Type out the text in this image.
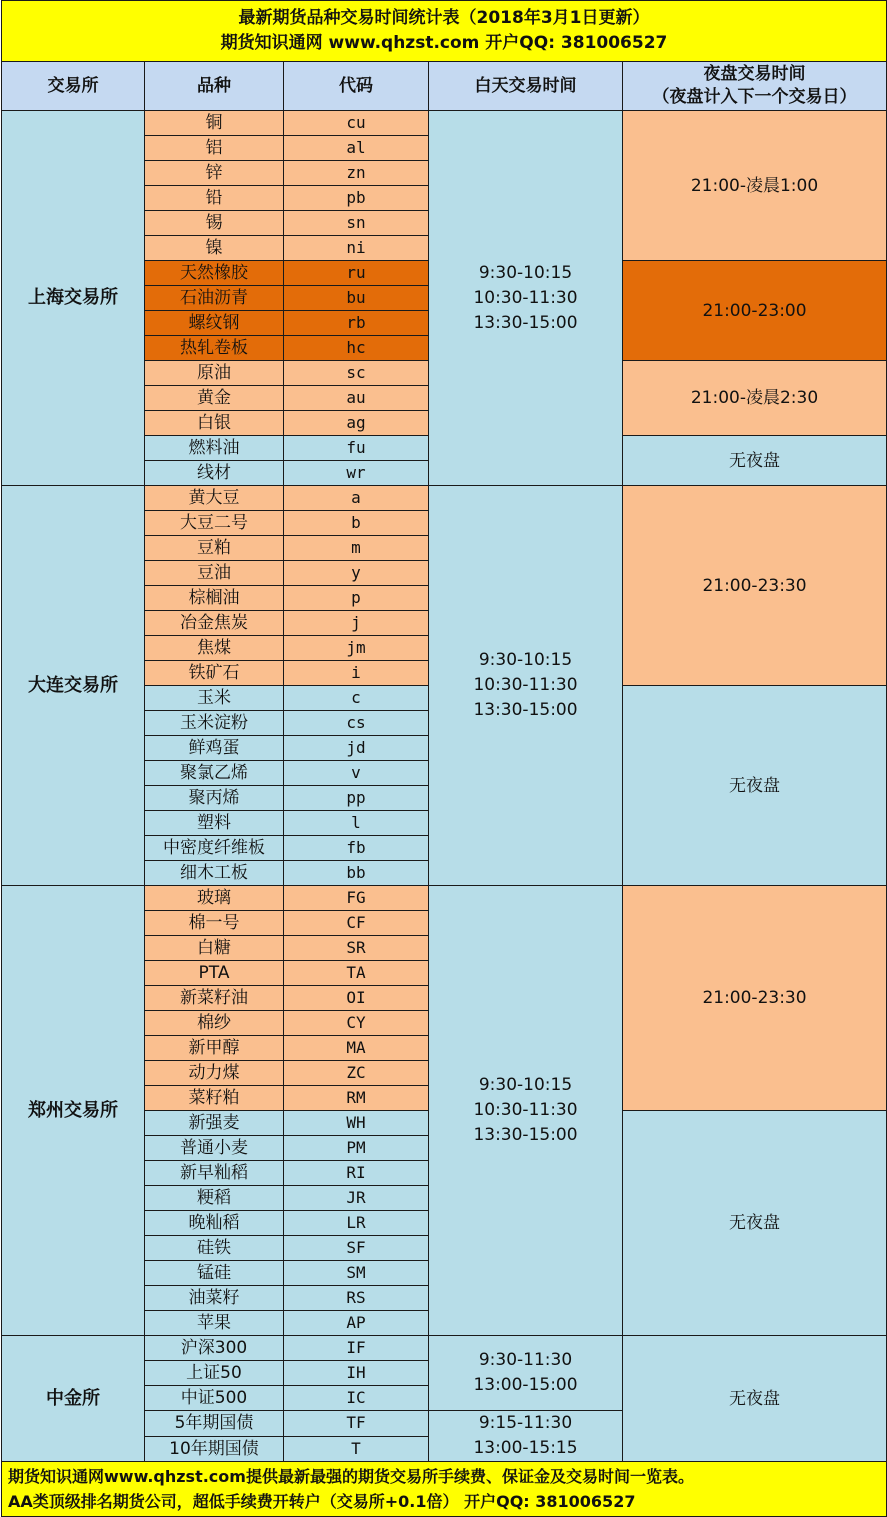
最新期货品种交易时间统计表（2018年3月1日更新）
期货知识通网 www.qhzst.com 开户QQ: 381006527				

交易所	品种	代码	白天交易时间	夜盘交易时间
（夜盘计入下一个交易日）

上海交易所	铜	cu	9:30-10:15
10:30-11:30
13:30-15:00	21:00-凌晨1:00
	铝	al		
	锌	zn		
	铅	pb		
	锡	sn		
	镍	ni		
	天然橡胶	ru		21:00-23:00
	石油沥青	bu		
	螺纹钢	rb		
	热轧卷板	hc		
	原油	sc		21:00-凌晨2:30
	黄金	au		
	白银	ag		
	燃料油	fu		无夜盘
	线材	wr		
大连交易所	黄大豆	a	9:30-10:15
10:30-11:30
13:30-15:00	21:00-23:30
	大豆二号	b		
	豆粕	m		
	豆油	y		
	棕榈油	p		
	冶金焦炭	j		
	焦煤	jm		
	铁矿石	i		
	玉米	c		无夜盘
	玉米淀粉	cs		
	鲜鸡蛋	jd		
	聚氯乙烯	v		
	聚丙烯	pp		
	塑料	l		
	中密度纤维板	fb		
	细木工板	bb		
郑州交易所	玻璃	FG	9:30-10:15
10:30-11:30
13:30-15:00	21:00-23:30
	棉一号	CF		
	白糖	SR		
	PTA	TA		
	新菜籽油	OI		
	棉纱	CY		
	新甲醇	MA		
	动力煤	ZC		
	菜籽粕	RM		
	新强麦	WH		无夜盘
	普通小麦	PM		
	新早籼稻	RI		
	粳稻	JR		
	晚籼稻	LR		
	硅铁	SF		
	锰硅	SM		
	油菜籽	RS		
	苹果	AP		
中金所	沪深300	IF	9:30-11:30
13:00-15:00	无夜盘
	上证50	IH		
	中证500	IC		
	5年期国债	TF	9:15-11:30
13:00-15:15	

	10年期国债	T		

期货知识通网www.qhzst.com提供最新最强的期货交易所手续费、保证金及交易时间一览表。
AA类顶级排名期货公司，超低手续费开转户（交易所+0.1倍） 开户QQ: 381006527				
